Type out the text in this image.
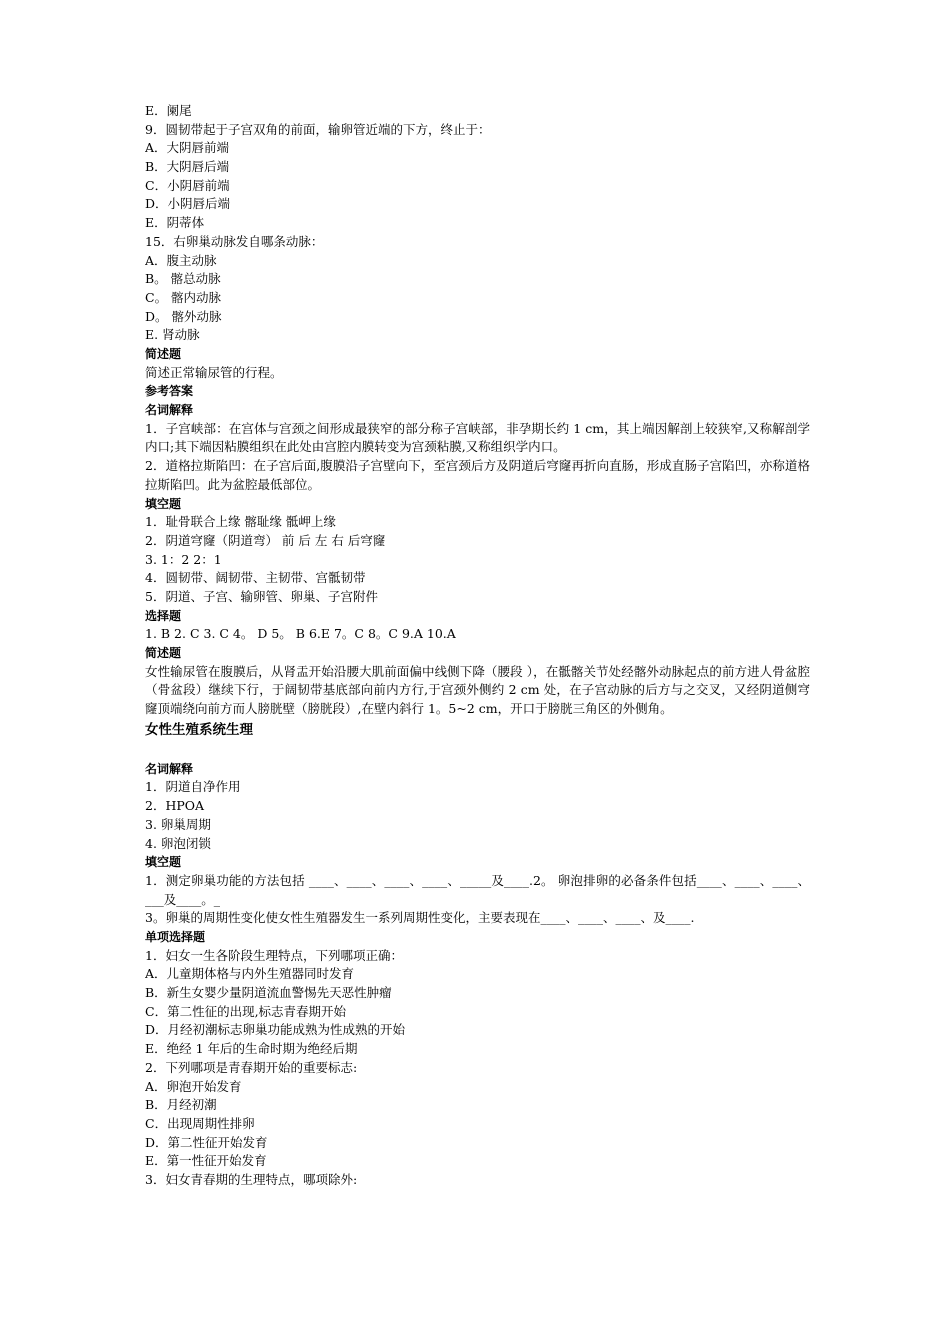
E．阑尾
9．圆韧带起于子宫双角的前面，输卵管近端的下方，终止于：
A．大阴唇前端
B．大阴唇后端
C．小阴唇前端
D．小阴唇后端
E．阴蒂体
15．右卵巢动脉发自哪条动脉：
A．腹主动脉
B。 髂总动脉
C。 髂内动脉
D。 髂外动脉
E. 肾动脉
简述题
简述正常输尿管的行程。
参考答案
名词解释
1．子宫峡部：在宫体与宫颈之间形成最狭窄的部分称子宫峡部，非孕期长约 1 cm，其上端因解剖上较狭窄,又称解剖学内口;其下端因粘膜组织在此处由宫腔内膜转变为宫颈粘膜,又称组织学内口。
2．道格拉斯陷凹：在子宫后面,腹膜沿子宫壁向下，至宫颈后方及阴道后穹窿再折向直肠，形成直肠子宫陷凹，亦称道格拉斯陷凹。此为盆腔最低部位。
填空题
1．耻骨联合上缘 髂耻缘 骶岬上缘
2．阴道穹窿（阴道弯） 前 后 左 右 后穹窿
3. 1：2 2：1
4．圆韧带、阔韧带、主韧带、宫骶韧带
5．阴道、子宫、输卵管、卵巢、子宫附件
选择题
1. B 2. C 3. C 4。 D 5。 B 6.E 7。C 8。C 9.A 10.A
简述题
女性输尿管在腹膜后，从肾盂开始沿腰大肌前面偏中线侧下降（腰段 ），在骶髂关节处经髂外动脉起点的前方进人骨盆腔（骨盆段）继续下行，于阔韧带基底部向前内方行,于宫颈外侧约 2 cm 处，在子宫动脉的后方与之交叉，又经阴道侧穹窿顶端绕向前方而人膀胱壁（膀胱段）,在壁内斜行 1。5~2 cm，开口于膀胱三角区的外侧角。
女性生殖系统生理
名词解释
1．阴道自净作用
2．HPOA
3. 卵巢周期
4. 卵泡闭锁
填空题
1．测定卵巢功能的方法包括 ____、____、____、____、_____及____.2。 卵泡排卵的必备条件包括____、____、____、___及____。_
3。卵巢的周期性变化使女性生殖器发生一系列周期性变化，主要表现在____、____、____、及____.
单项选择题
1．妇女一生各阶段生理特点，下列哪项正确：
A．儿童期体格与内外生殖器同时发育
B．新生女婴少量阴道流血警惕先天恶性肿瘤
C．第二性征的出现,标志青春期开始
D．月经初潮标志卵巢功能成熟为性成熟的开始
E．绝经 1 年后的生命时期为绝经后期
2．下列哪项是青春期开始的重要标志:
A．卵泡开始发育
B．月经初潮
C．出现周期性排卵
D．第二性征开始发育
E．第一性征开始发育
3．妇女青春期的生理特点，哪项除外:
